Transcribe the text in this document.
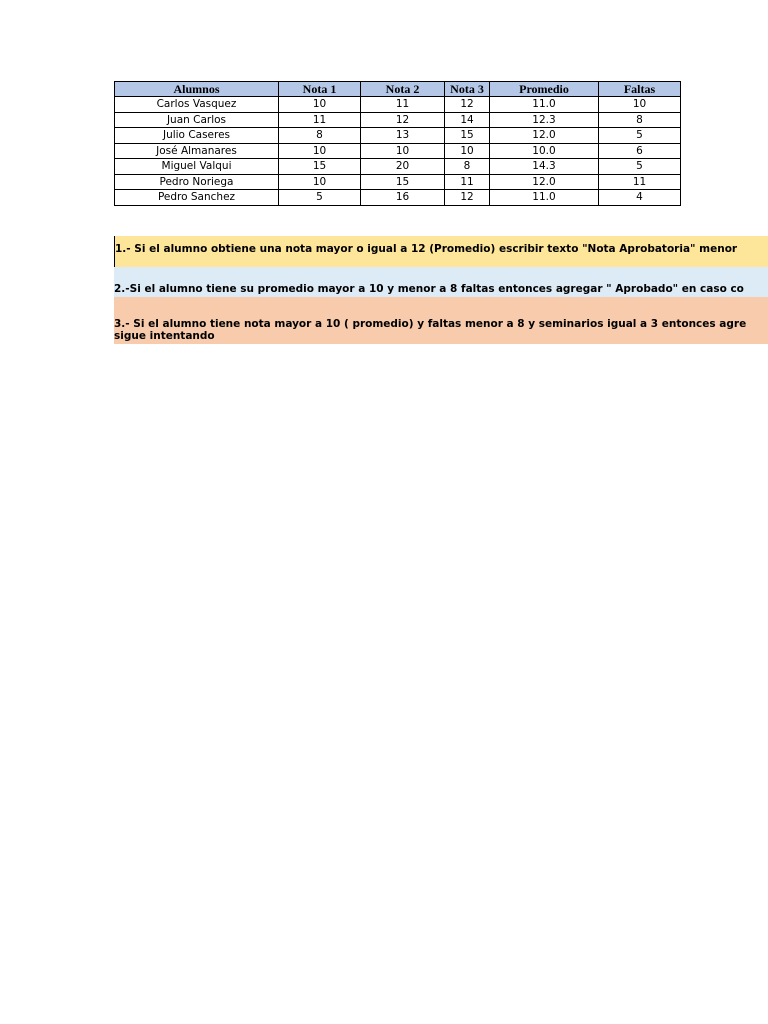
Alumnos	Nota 1	Nota 2	Nota 3	Promedio	Faltas
Carlos Vasquez	10	11	12	11.0	10
Juan Carlos	11	12	14	12.3	8
Julio Caseres	8	13	15	12.0	5
José Almanares	10	10	10	10.0	6
Miguel Valqui	15	20	8	14.3	5
Pedro Noriega	10	15	11	12.0	11
Pedro Sanchez	5	16	12	11.0	4
1.- Si el alumno obtiene una nota mayor o igual a 12 (Promedio) escribir texto "Nota Aprobatoria" menor
2.-Si el alumno tiene su promedio mayor a 10 y menor a 8 faltas entonces agregar " Aprobado" en caso co
3.- Si el alumno tiene nota mayor a 10 ( promedio) y faltas menor a 8 y seminarios igual a 3 entonces agre
sigue intentando
